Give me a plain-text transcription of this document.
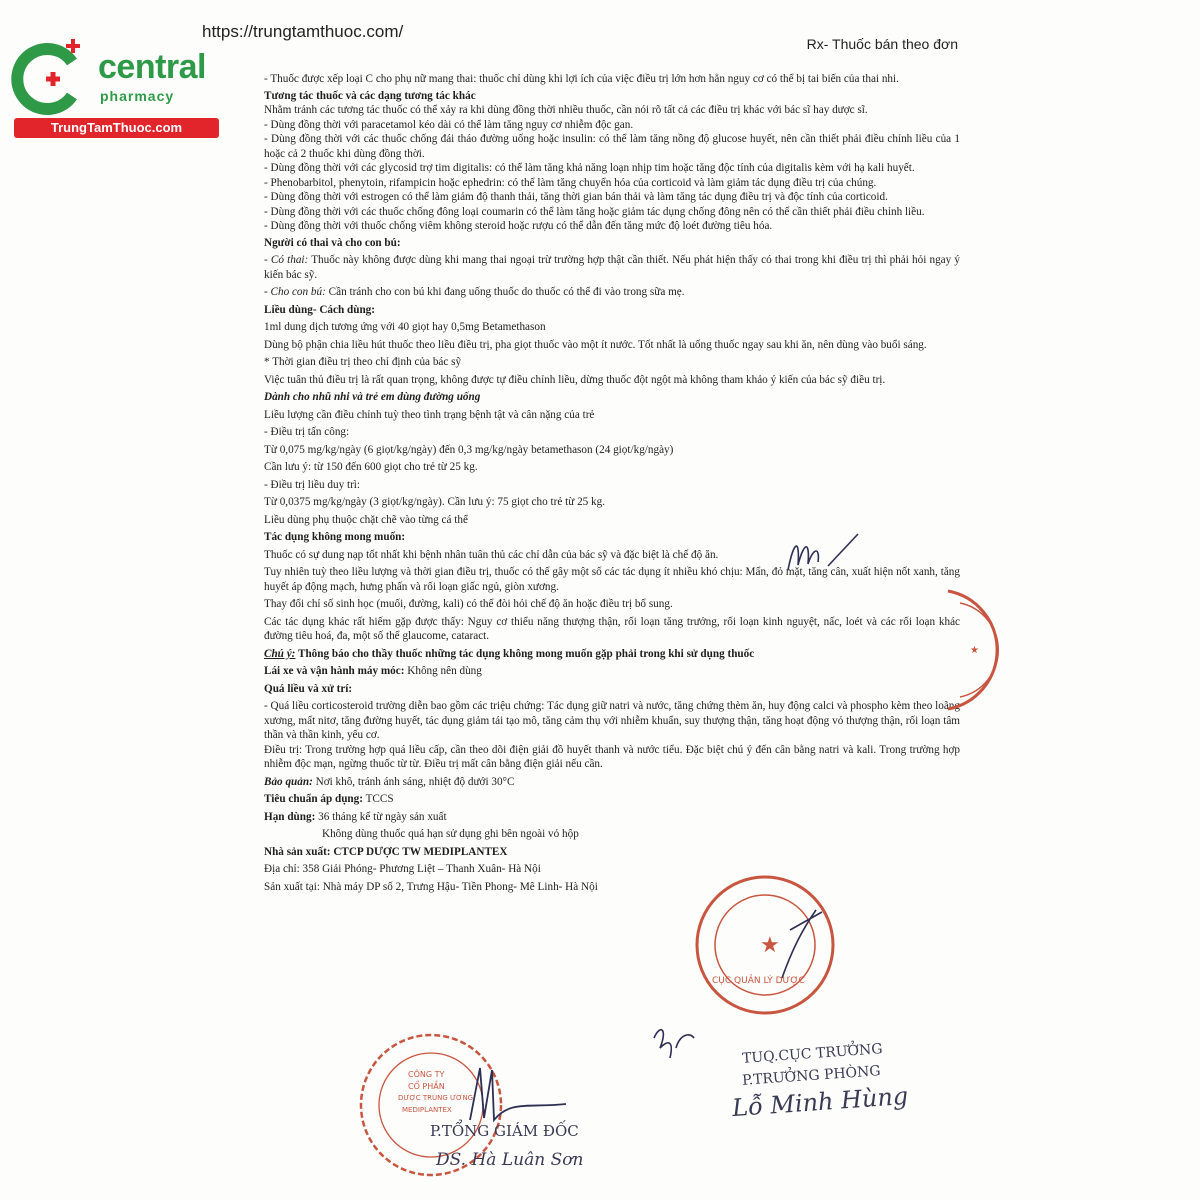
central
pharmacy
TrungTamThuoc.com
https://trungtamthuoc.com/
Rx- Thuốc bán theo đơn

- Thuốc được xếp loại C cho phụ nữ mang thai: thuốc chỉ dùng khi lợi ích của việc điều trị lớn hơn hẳn nguy cơ có thể bị tai biến của thai nhi.

Tương tác thuốc và các dạng tương tác khác

Nhằm tránh các tương tác thuốc có thể xảy ra khi dùng đồng thời nhiều thuốc, cần nói rõ tất cả các điều trị khác với bác sĩ hay dược sĩ.

- Dùng đồng thời với paracetamol kéo dài có thể làm tăng nguy cơ nhiễm độc gan.

- Dùng đồng thời với các thuốc chống đái tháo đường uống hoặc insulin: có thể làm tăng nồng độ glucose huyết, nên cần thiết phải điều chỉnh liều của 1 hoặc cả 2 thuốc khi dùng đồng thời.

- Dùng đồng thời với các glycosid trợ tim digitalis: có thể làm tăng khả năng loạn nhịp tim hoặc tăng độc tính của digitalis kèm với hạ kali huyết.

- Phenobarbitol, phenytoin, rifampicin hoặc ephedrin: có thể làm tăng chuyển hóa của corticoid và làm giảm tác dụng điều trị của chúng.

- Dùng đồng thời với estrogen có thể làm giảm độ thanh thải, tăng thời gian bán thải và làm tăng tác dụng điều trị và độc tính của corticoid.

- Dùng đồng thời với các thuốc chống đông loại coumarin có thể làm tăng hoặc giảm tác dụng chống đông nên có thể cần thiết phải điều chỉnh liều.

- Dùng đồng thời với thuốc chống viêm không steroid hoặc rượu có thể dẫn đến tăng mức độ loét đường tiêu hóa.

Người có thai và cho con bú:

- Có thai: Thuốc này không được dùng khi mang thai ngoại trừ trường hợp thật cần thiết. Nếu phát hiện thấy có thai trong khi điều trị thì phải hỏi ngay ý kiến bác sỹ.

- Cho con bú: Cần tránh cho con bú khi đang uống thuốc do thuốc có thể đi vào trong sữa mẹ.

Liều dùng- Cách dùng:

1ml dung dịch tương ứng với 40 giọt hay 0,5mg Betamethason

Dùng bộ phận chia liều hút thuốc theo liều điều trị, pha giọt thuốc vào một ít nước. Tốt nhất là uống thuốc ngay sau khi ăn, nên dùng vào buổi sáng.

* Thời gian điều trị theo chỉ định của bác sỹ

Việc tuân thủ điều trị là rất quan trọng, không được tự điều chỉnh liều, dừng thuốc đột ngột mà không tham khảo ý kiến của bác sỹ điều trị.

Dành cho nhũ nhi và trẻ em dùng đường uống

Liều lượng cần điều chỉnh tuỳ theo tình trạng bệnh tật và cân nặng của trẻ

- Điều trị tấn công:

Từ 0,075 mg/kg/ngày (6 giọt/kg/ngày) đến 0,3 mg/kg/ngày betamethason (24 giọt/kg/ngày)

Cần lưu ý: từ 150 đến 600 giọt cho trẻ từ 25 kg.

- Điều trị liều duy trì:

Từ 0,0375 mg/kg/ngày (3 giọt/kg/ngày). Cần lưu ý: 75 giọt cho trẻ từ 25 kg.

Liều dùng phụ thuộc chặt chẽ vào từng cá thể

Tác dụng không mong muốn:

Thuốc có sự dung nạp tốt nhất khi bệnh nhân tuân thủ các chỉ dẫn của bác sỹ và đặc biệt là chế độ ăn.

Tuy nhiên tuỳ theo liều lượng và thời gian điều trị, thuốc có thể gây một số các tác dụng ít nhiều khó chịu: Mẩn, đỏ mặt, tăng cân, xuất hiện nốt xanh, tăng huyết áp động mạch, hưng phấn và rối loạn giấc ngủ, giòn xương.

Thay đổi chỉ số sinh học (muối, đường, kali) có thể đòi hỏi chế độ ăn hoặc điều trị bổ sung.

Các tác dụng khác rất hiếm gặp được thấy: Nguy cơ thiểu năng thượng thận, rối loạn tăng trưởng, rối loạn kinh nguyệt, nấc, loét và các rối loạn khác đường tiêu hoá, đa, một số thể glaucome, cataract.

Chú ý: Thông báo cho thầy thuốc những tác dụng không mong muốn gặp phải trong khi sử dụng thuốc

Lái xe và vận hành máy móc: Không nên dùng

Quá liều và xử trí:

- Quá liều corticosteroid trường diễn bao gồm các triệu chứng: Tác dụng giữ natri và nước, tăng chứng thèm ăn, huy động calci và phospho kèm theo loãng xương, mất nitơ, tăng đường huyết, tác dụng giảm tái tạo mô, tăng cảm thụ với nhiễm khuẩn, suy thượng thận, tăng hoạt động vỏ thượng thận, rối loạn tâm thần và thần kinh, yếu cơ.

Điều trị: Trong trường hợp quá liều cấp, cần theo dõi điện giải đồ huyết thanh và nước tiểu. Đặc biệt chú ý đến cân bằng natri và kali. Trong trường hợp nhiễm độc mạn, ngừng thuốc từ từ. Điều trị mất cân bằng điện giải nếu cần.

Bảo quản: Nơi khô, tránh ánh sáng, nhiệt độ dưới 30°C

Tiêu chuẩn áp dụng: TCCS

Hạn dùng: 36 tháng kể từ ngày sản xuất

Không dùng thuốc quá hạn sử dụng ghi bên ngoài vỏ hộp

Nhà sản xuất: CTCP DƯỢC TW MEDIPLANTEX

Địa chỉ: 358 Giải Phóng- Phương Liệt – Thanh Xuân- Hà Nội

Sản xuất tại: Nhà máy DP số 2, Trưng Hậu- Tiền Phong- Mê Linh- Hà Nội

★
★
CỤC QUẢN LÝ DƯỢC
TUQ.CỤC TRƯỞNG
P.TRƯỞNG PHÒNG
Lỗ Minh Hùng
CÔNG TY
CỔ PHẦN
DƯỢC TRUNG ƯƠNG
MEDIPLANTEX
P.TỔNG GIÁM ĐỐC
DS. Hà Luân Sơn
